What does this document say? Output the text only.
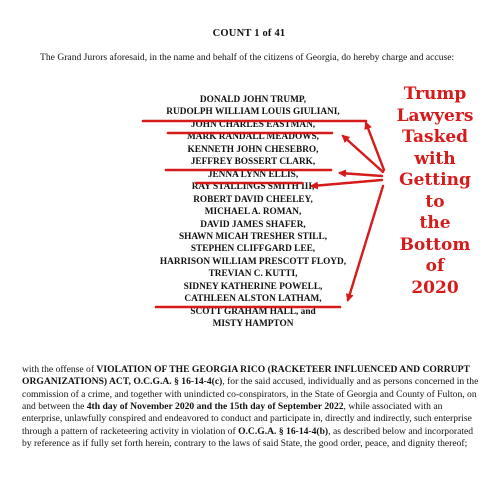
COUNT 1 of 41
The Grand Jurors aforesaid, in the name and behalf of the citizens of Georgia, do hereby charge and accuse:
DONALD JOHN TRUMP,
RUDOLPH WILLIAM LOUIS GIULIANI,
JOHN CHARLES EASTMAN,
MARK RANDALL MEADOWS,
KENNETH JOHN CHESEBRO,
JEFFREY BOSSERT CLARK,
JENNA LYNN ELLIS,
RAY STALLINGS SMITH III,
ROBERT DAVID CHEELEY,
MICHAEL A. ROMAN,
DAVID JAMES SHAFER,
SHAWN MICAH TRESHER STILL,
STEPHEN CLIFFGARD LEE,
HARRISON WILLIAM PRESCOTT FLOYD,
TREVIAN C. KUTTI,
SIDNEY KATHERINE POWELL,
CATHLEEN ALSTON LATHAM,
SCOTT GRAHAM HALL, and
MISTY HAMPTON
with the offense of VIOLATION OF THE GEORGIA RICO (RACKETEER INFLUENCED AND CORRUPT ORGANIZATIONS) ACT, O.C.G.A. § 16-14-4(c), for the said accused, individually and as persons concerned in the commission of a crime, and together with unindicted co-conspirators, in the State of Georgia and County of Fulton, on and between the 4th day of November 2020 and the 15th day of September 2022, while associated with an enterprise, unlawfully conspired and endeavored to conduct and participate in, directly and indirectly, such enterprise through a pattern of racketeering activity in violation of O.C.G.A. § 16-14-4(b), as described below and incorporated by reference as if fully set forth herein, contrary to the laws of said State, the good order, peace, and dignity thereof;
Trump
Lawyers
Tasked
with
Getting
to
the
Bottom
of
2020
